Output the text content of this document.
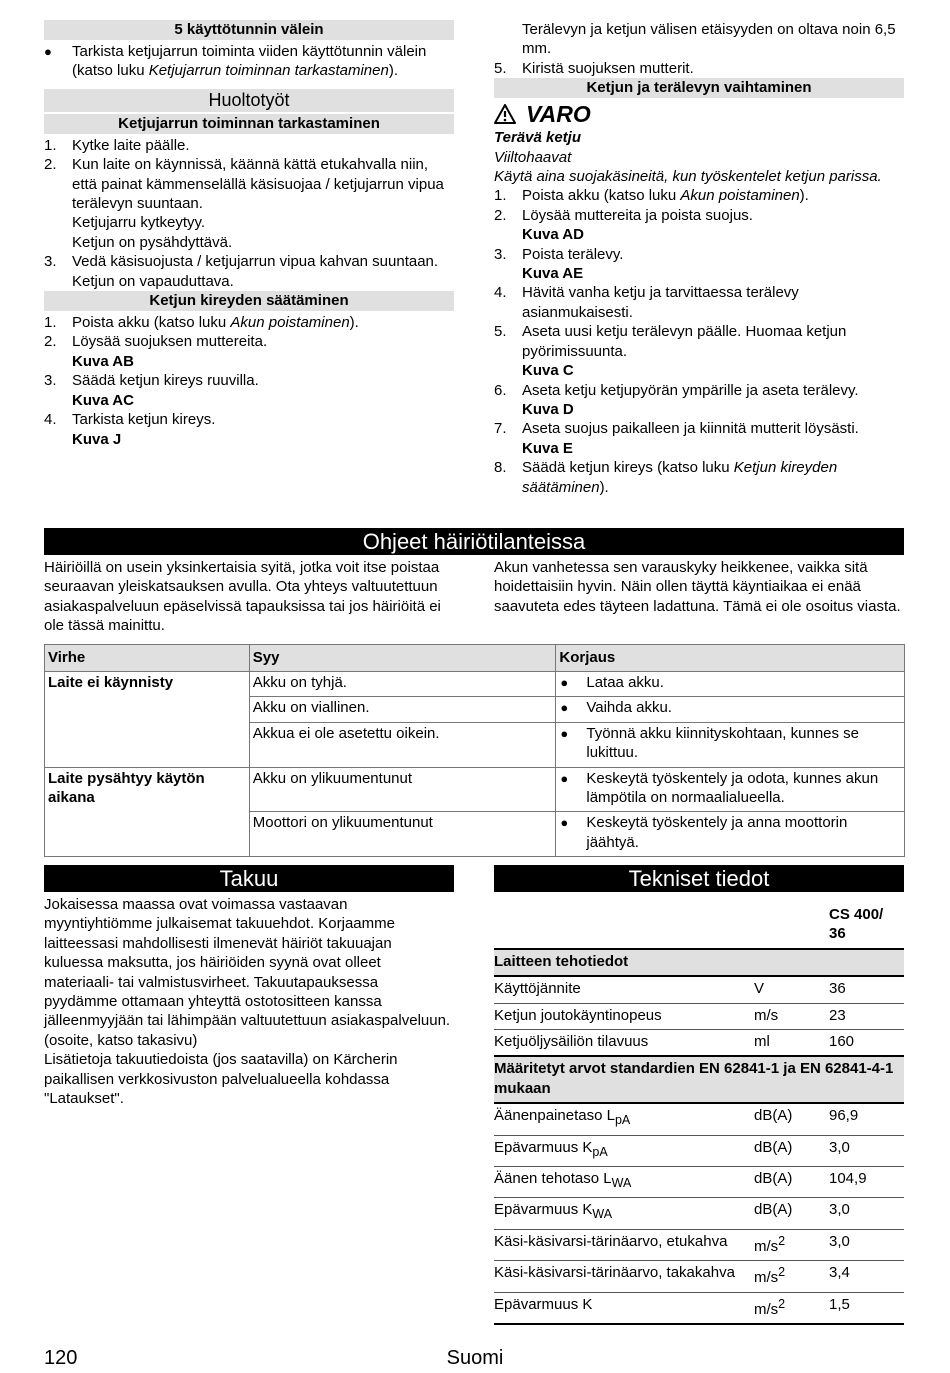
5 käyttötunnin välein
● Tarkista ketjujarrun toiminta viiden käyttötunnin välein (katso luku Ketjujarrun toiminnan tarkastaminen).
Huoltotyöt
Ketjujarrun toiminnan tarkastaminen
1. Kytke laite päälle.
2. Kun laite on käynnissä, käännä kättä etukahvalla niin, että painat kämmenselällä käsisuojaa / ketjujarrun vipua terälevyn suuntaan.
Ketjujarru kytkeytyy.
Ketjun on pysähdyttävä.
3. Vedä käsisuojusta / ketjujarrun vipua kahvan suuntaan.
Ketjun on vapauduttava.
Ketjun kireyden säätäminen
1. Poista akku (katso luku Akun poistaminen).
2. Löysää suojuksen muttereita.
Kuva AB
3. Säädä ketjun kireys ruuvilla.
Kuva AC
4. Tarkista ketjun kireys.
Kuva J
Terälevyn ja ketjun välisen etäisyyden on oltava noin 6,5 mm.
5. Kiristä suojuksen mutterit.
Ketjun ja terälevyn vaihtaminen
VARO
Terävä ketju
Viiltohaavat
Käytä aina suojakäsineitä, kun työskentelet ketjun parissa.
1. Poista akku (katso luku Akun poistaminen).
2. Löysää muttereita ja poista suojus.
Kuva AD
3. Poista terälevy.
Kuva AE
4. Hävitä vanha ketju ja tarvittaessa terälevy asianmukaisesti.
5. Aseta uusi ketju terälevyn päälle. Huomaa ketjun pyörimissuunta.
Kuva C
6. Aseta ketju ketjupyörän ympärille ja aseta terälevy.
Kuva D
7. Aseta suojus paikalleen ja kiinnitä mutterit löysästi.
Kuva E
8. Säädä ketjun kireys (katso luku Ketjun kireyden säätäminen).
Ohjeet häiriötilanteissa
Häiriöillä on usein yksinkertaisia syitä, jotka voit itse poistaa seuraavan yleiskatsauksen avulla. Ota yhteys valtuutettuun asiakaspalveluun epäselvissä tapauksissa tai jos häiriöitä ei ole tässä mainittu.
Akun vanhetessa sen varauskyky heikkenee, vaikka sitä hoidettaisiin hyvin. Näin ollen täyttä käyntiaikaa ei enää saavuteta edes täyteen ladattuna. Tämä ei ole osoitus viasta.
Virhe	Syy	Korjaus
Laite ei käynnisty	Akku on tyhjä.	● Lataa akku.
	Akku on viallinen.	● Vaihda akku.
	Akkua ei ole asetettu oikein.	● Työnnä akku kiinnityskohtaan, kunnes se lukittuu.
Laite pysähtyy käytön aikana	Akku on ylikuumentunut	● Keskeytä työskentely ja odota, kunnes akun lämpötila on normaalialueella.
	Moottori on ylikuumentunut	● Keskeytä työskentely ja anna moottorin jäähtyä.
Takuu
Jokaisessa maassa ovat voimassa vastaavan myyntiyhtiömme julkaisemat takuuehdot. Korjaamme laitteessasi mahdollisesti ilmenevät häiriöt takuuajan kuluessa maksutta, jos häiriöiden syynä ovat olleet materiaali- tai valmistusvirheet. Takuutapauksessa pyydämme ottamaan yhteyttä ostotositteen kanssa jälleenmyyjään tai lähimpään valtuutettuun asiakaspalveluun.
(osoite, katso takasivu)
Lisätietoja takuutiedoista (jos saatavilla) on Kärcherin paikallisen verkkosivuston palvelualueella kohdassa "Lataukset".
Tekniset tiedot
		CS 400/ 36
Laitteen tehotiedot		
Käyttöjännite	V	36
Ketjun joutokäyntinopeus	m/s	23
Ketjuöljysäiliön tilavuus	ml	160
Määritetyt arvot standardien EN 62841-1 ja EN 62841-4-1 mukaan		
Äänenpainetaso $L_{pA}$	dB(A)	96,9
Epävarmuus $K_{pA}$	dB(A)	3,0
Äänen tehotaso $L_{WA}$	dB(A)	104,9
Epävarmuus $K_{WA}$	dB(A)	3,0
Käsi-käsivarsi-tärinäarvo, etukahva	$m/s^2$	3,0
Käsi-käsivarsi-tärinäarvo, takakahva	$m/s^2$	3,4
Epävarmuus K	$m/s^2$	1,5
Suomi
120
